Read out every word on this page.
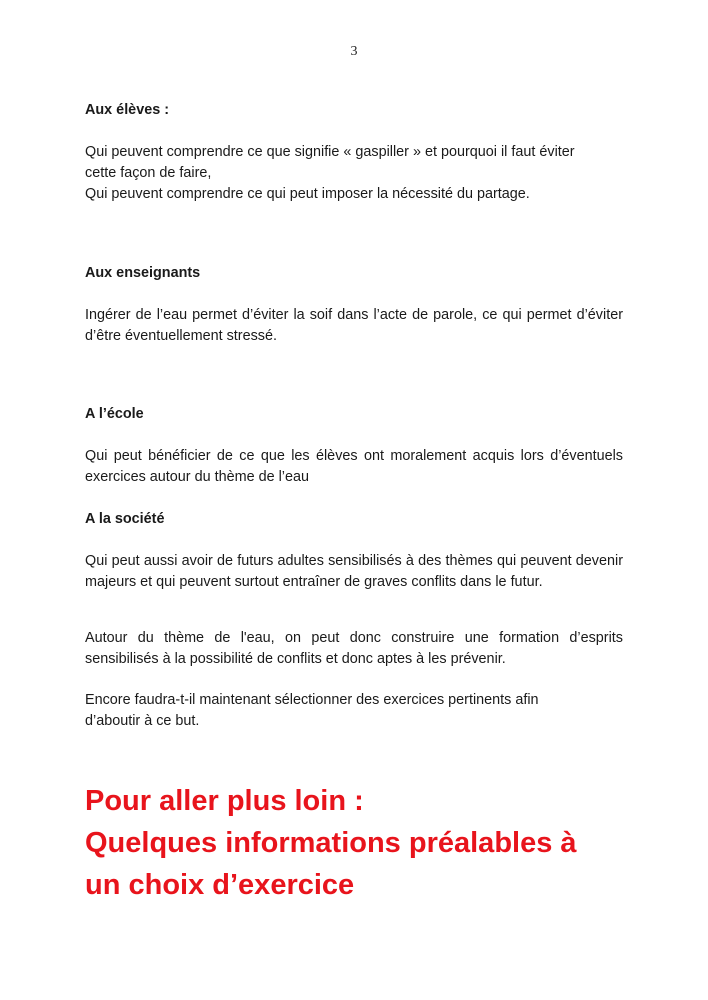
3
Aux élèves :

Qui peuvent comprendre ce que signifie « gaspiller » et pourquoi il faut éviter

cette façon de faire,

Qui peuvent comprendre ce qui peut imposer la nécessité du partage.

Aux enseignants

Ingérer de l’eau permet d’éviter la soif dans l’acte de parole, ce qui permet d’éviter d’être éventuellement stressé.

A l’école

Qui peut bénéficier de ce que les élèves ont moralement acquis lors d’éventuels exercices autour du thème de l’eau

A la société

Qui peut aussi avoir de futurs adultes sensibilisés à des thèmes qui peuvent devenir majeurs et qui peuvent surtout entraîner de graves conflits dans le futur.

Autour du thème de l'eau, on peut donc construire une formation d’esprits sensibilisés à la possibilité de conflits et donc aptes à les prévenir.

Encore faudra-t-il maintenant sélectionner des exercices pertinents afin

d’aboutir à ce but.

Pour aller plus loin :
Quelques informations préalables à
un choix d’exercice
